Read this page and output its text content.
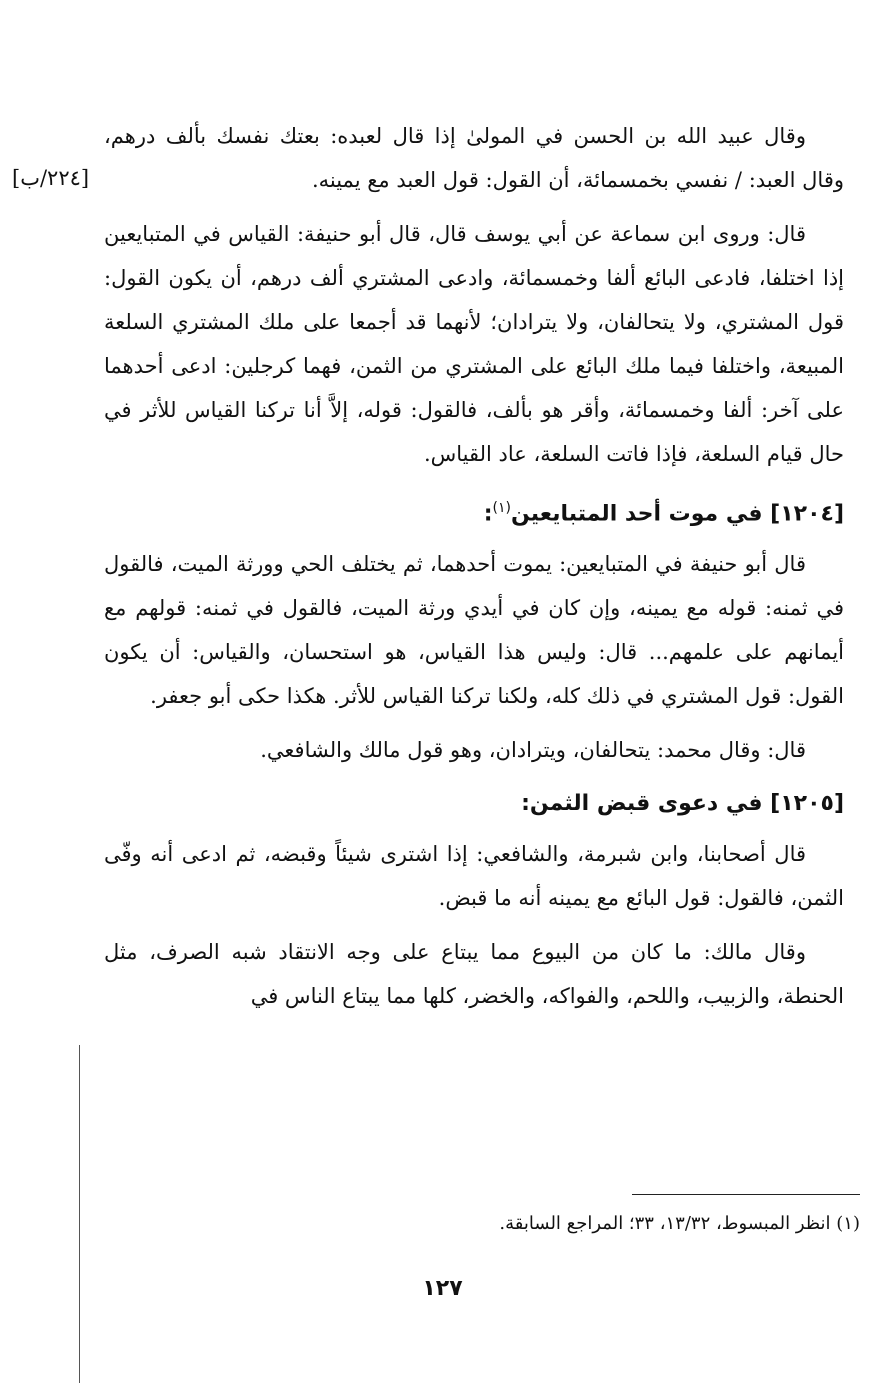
[٢٢٤/ب]

وقال عبيد الله بن الحسن في المولىٰ إذا قال لعبده: بعتك نفسك بألف درهم، وقال العبد: / نفسي بخمسمائة، أن القول: قول العبد مع يمينه.

قال: وروى ابن سماعة عن أبي يوسف قال، قال أبو حنيفة: القياس في المتبايعين إذا اختلفا، فادعى البائع ألفا وخمسمائة، وادعى المشتري ألف درهم، أن يكون القول: قول المشتري، ولا يتحالفان، ولا يترادان؛ لأنهما قد أجمعا على ملك المشتري السلعة المبيعة، واختلفا فيما ملك البائع على المشتري من الثمن، فهما كرجلين: ادعى أحدهما على آخر: ألفا وخمسمائة، وأقر هو بألف، فالقول: قوله، إلاَّ أنا تركنا القياس للأثر في حال قيام السلعة، فإذا فاتت السلعة، عاد القياس.

[١٢٠٤] في موت أحد المتبايعين$^{(١)}$:

قال أبو حنيفة في المتبايعين: يموت أحدهما، ثم يختلف الحي وورثة الميت، فالقول في ثمنه: قوله مع يمينه، وإن كان في أيدي ورثة الميت، فالقول في ثمنه: قولهم مع أيمانهم على علمهم... قال: وليس هذا القياس، هو استحسان، والقياس: أن يكون القول: قول المشتري في ذلك كله، ولكنا تركنا القياس للأثر. هكذا حكى أبو جعفر.

قال: وقال محمد: يتحالفان، ويترادان، وهو قول مالك والشافعي.

[١٢٠٥] في دعوى قبض الثمن:

قال أصحابنا، وابن شبرمة، والشافعي: إذا اشترى شيئاً وقبضه، ثم ادعى أنه وفّى الثمن، فالقول: قول البائع مع يمينه أنه ما قبض.

وقال مالك: ما كان من البيوع مما يبتاع على وجه الانتقاد شبه الصرف، مثل الحنطة، والزبيب، واللحم، والفواكه، والخضر، كلها مما يبتاع الناس في

(١) انظر المبسوط، ١٣/٣٢، ٣٣؛ المراجع السابقة.
١٢٧
